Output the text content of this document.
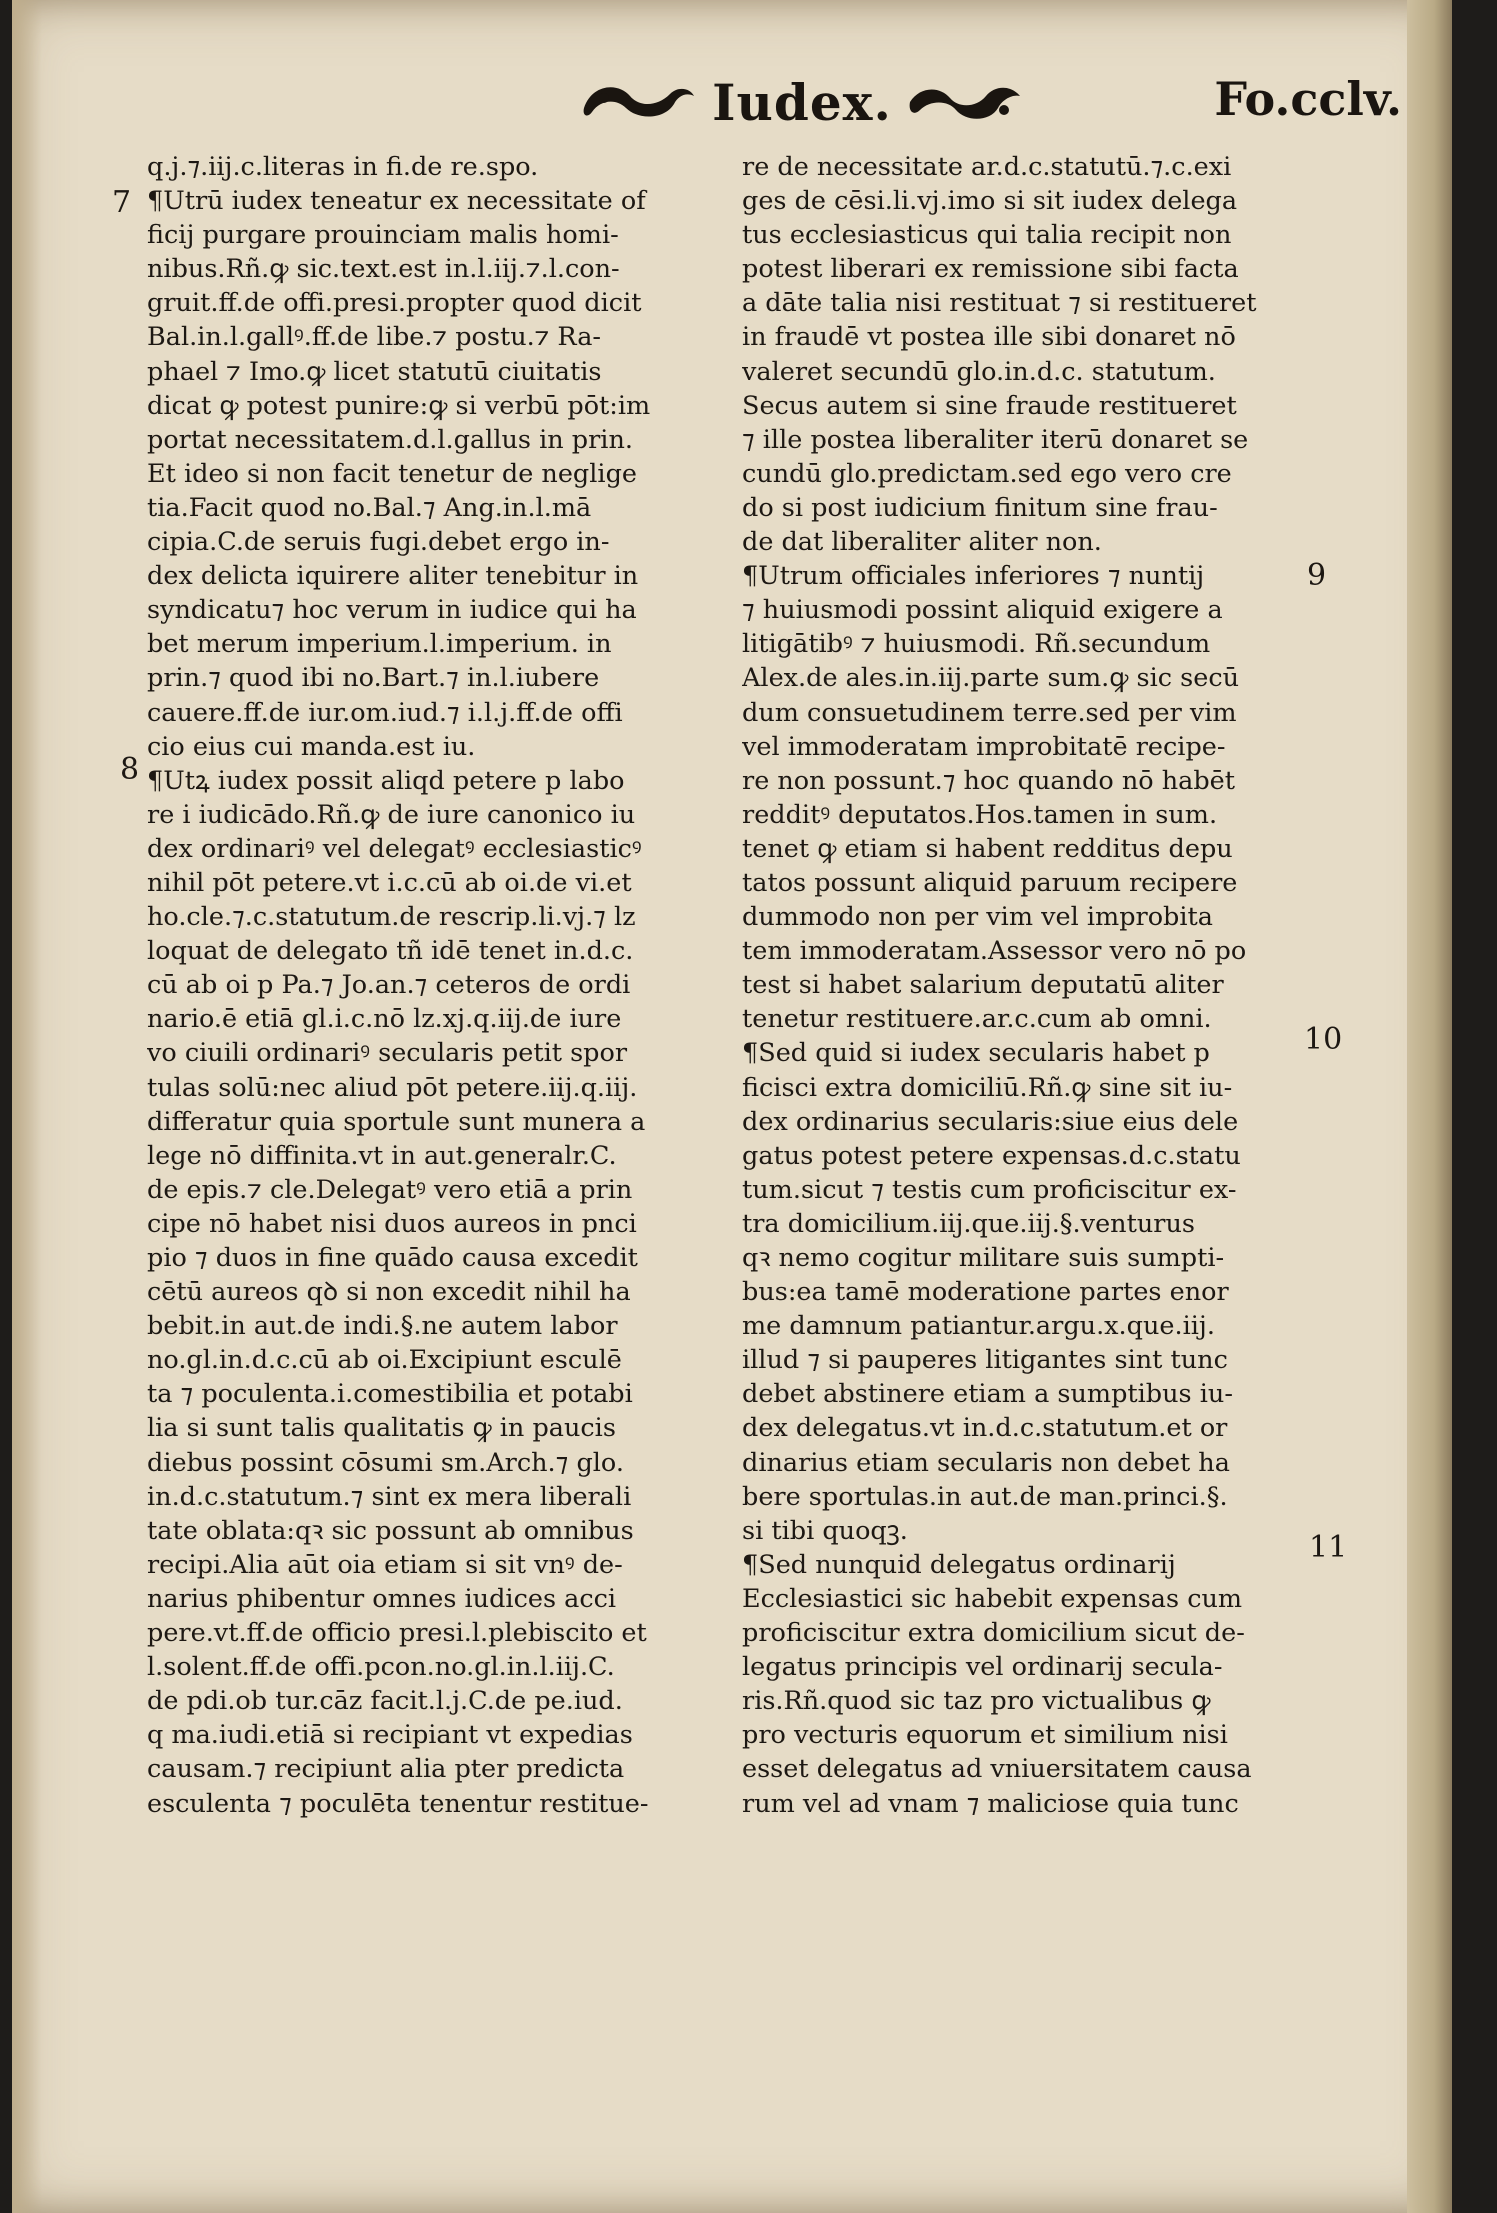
Iudex.	Fo.cclv.
7
8
9
10
11
q.j.⁊.iij.c.literas in fi.de re.spo.
¶Utrū iudex teneatur ex necessitate of
ficij purgare prouinciam malis homi-
nibus.Rñ.ꝙ sic.text.est in.l.iij.⁊.l.con-
gruit.ff.de offi.presi.propter quod dicit
Bal.in.l.gallꝰ.ff.de libe.⁊ postu.⁊ Ra-
phael ⁊ Imo.ꝙ licet statutū ciuitatis
dicat ꝙ potest punire:ꝙ si verbū pōt:im
portat necessitatem.d.l.gallus in prin.
Et ideo si non facit tenetur de neglige
tia.Facit quod no.Bal.⁊ Ang.in.l.mā
cipia.C.de seruis fugi.debet ergo in-
dex delicta iquirere aliter tenebitur in
syndicatu⁊ hoc verum in iudice qui ha
bet merum imperium.l.imperium. in
prin.⁊ quod ibi no.Bart.⁊ in.l.iubere
cauere.ff.de iur.om.iud.⁊ i.l.j.ff.de offi
cio eius cui manda.est iu.
¶Utꝝ iudex possit aliqd petere p labo
re i iudicādo.Rñ.ꝙ de iure canonico iu
dex ordinariꝰ vel delegatꝰ ecclesiasticꝰ
nihil pōt petere.vt i.c.cū ab oi.de vi.et
ho.cle.⁊.c.statutum.de rescrip.li.vj.⁊ lz
loquat de delegato tñ idē tenet in.d.c.
cū ab oi p Pa.⁊ Jo.an.⁊ ceteros de ordi
nario.ē etiā gl.i.c.nō lz.xj.q.iij.de iure
vo ciuili ordinariꝰ secularis petit spor
tulas solū:nec aliud pōt petere.iij.q.iij.
differatur quia sportule sunt munera a
lege nō diffinita.vt in aut.generalr.C.
de epis.⁊ cle.Delegatꝰ vero etiā a prin
cipe nō habet nisi duos aureos in pnci
pio ⁊ duos in fine quādo causa excedit
cētū aureos qꝺ si non excedit nihil ha
bebit.in aut.de indi.§.ne autem labor
no.gl.in.d.c.cū ab oi.Excipiunt esculē
ta ⁊ poculenta.i.comestibilia et potabi
lia si sunt talis qualitatis ꝙ in paucis
diebus possint cōsumi sm.Arch.⁊ glo.
in.d.c.statutum.⁊ sint ex mera liberali
tate oblata:qꝛ sic possunt ab omnibus
recipi.Alia aūt oia etiam si sit vnꝰ de-
narius phibentur omnes iudices acci
pere.vt.ff.de officio presi.l.plebiscito et
l.solent.ff.de offi.pcon.no.gl.in.l.iij.C.
de pdi.ob tur.cāz facit.l.j.C.de pe.iud.
q ma.iudi.etiā si recipiant vt expedias
causam.⁊ recipiunt alia pter predicta
esculenta ⁊ poculēta tenentur restitue-
re de necessitate ar.d.c.statutū.⁊.c.exi
ges de cēsi.li.vj.imo si sit iudex delega
tus ecclesiasticus qui talia recipit non
potest liberari ex remissione sibi facta
a dāte talia nisi restituat ⁊ si restitueret
in fraudē vt postea ille sibi donaret nō
valeret secundū glo.in.d.c. statutum.
Secus autem si sine fraude restitueret
⁊ ille postea liberaliter iterū donaret se
cundū glo.predictam.sed ego vero cre
do si post iudicium finitum sine frau-
de dat liberaliter aliter non.
¶Utrum officiales inferiores ⁊ nuntij
⁊ huiusmodi possint aliquid exigere a
litigātibꝰ ⁊ huiusmodi. Rñ.secundum
Alex.de ales.in.iij.parte sum.ꝙ sic secū
dum consuetudinem terre.sed per vim
vel immoderatam improbitatē recipe-
re non possunt.⁊ hoc quando nō habēt
redditꝰ deputatos.Hos.tamen in sum.
tenet ꝙ etiam si habent redditus depu
tatos possunt aliquid paruum recipere
dummodo non per vim vel improbita
tem immoderatam.Assessor vero nō po
test si habet salarium deputatū aliter
tenetur restituere.ar.c.cum ab omni.
¶Sed quid si iudex secularis habet p
ficisci extra domiciliū.Rñ.ꝙ sine sit iu-
dex ordinarius secularis:siue eius dele
gatus potest petere expensas.d.c.statu
tum.sicut ⁊ testis cum proficiscitur ex-
tra domicilium.iij.que.iij.§.venturus
qꝛ nemo cogitur militare suis sumpti-
bus:ea tamē moderatione partes enor
me damnum patiantur.argu.x.que.iij.
illud ⁊ si pauperes litigantes sint tunc
debet abstinere etiam a sumptibus iu-
dex delegatus.vt in.d.c.statutum.et or
dinarius etiam secularis non debet ha
bere sportulas.in aut.de man.princi.§.
si tibi quoqꝫ.
¶Sed nunquid delegatus ordinarij
Ecclesiastici sic habebit expensas cum
proficiscitur extra domicilium sicut de-
legatus principis vel ordinarij secula-
ris.Rñ.quod sic taz pro victualibus ꝙ
pro vecturis equorum et similium nisi
esset delegatus ad vniuersitatem causa
rum vel ad vnam ⁊ maliciose quia tunc
